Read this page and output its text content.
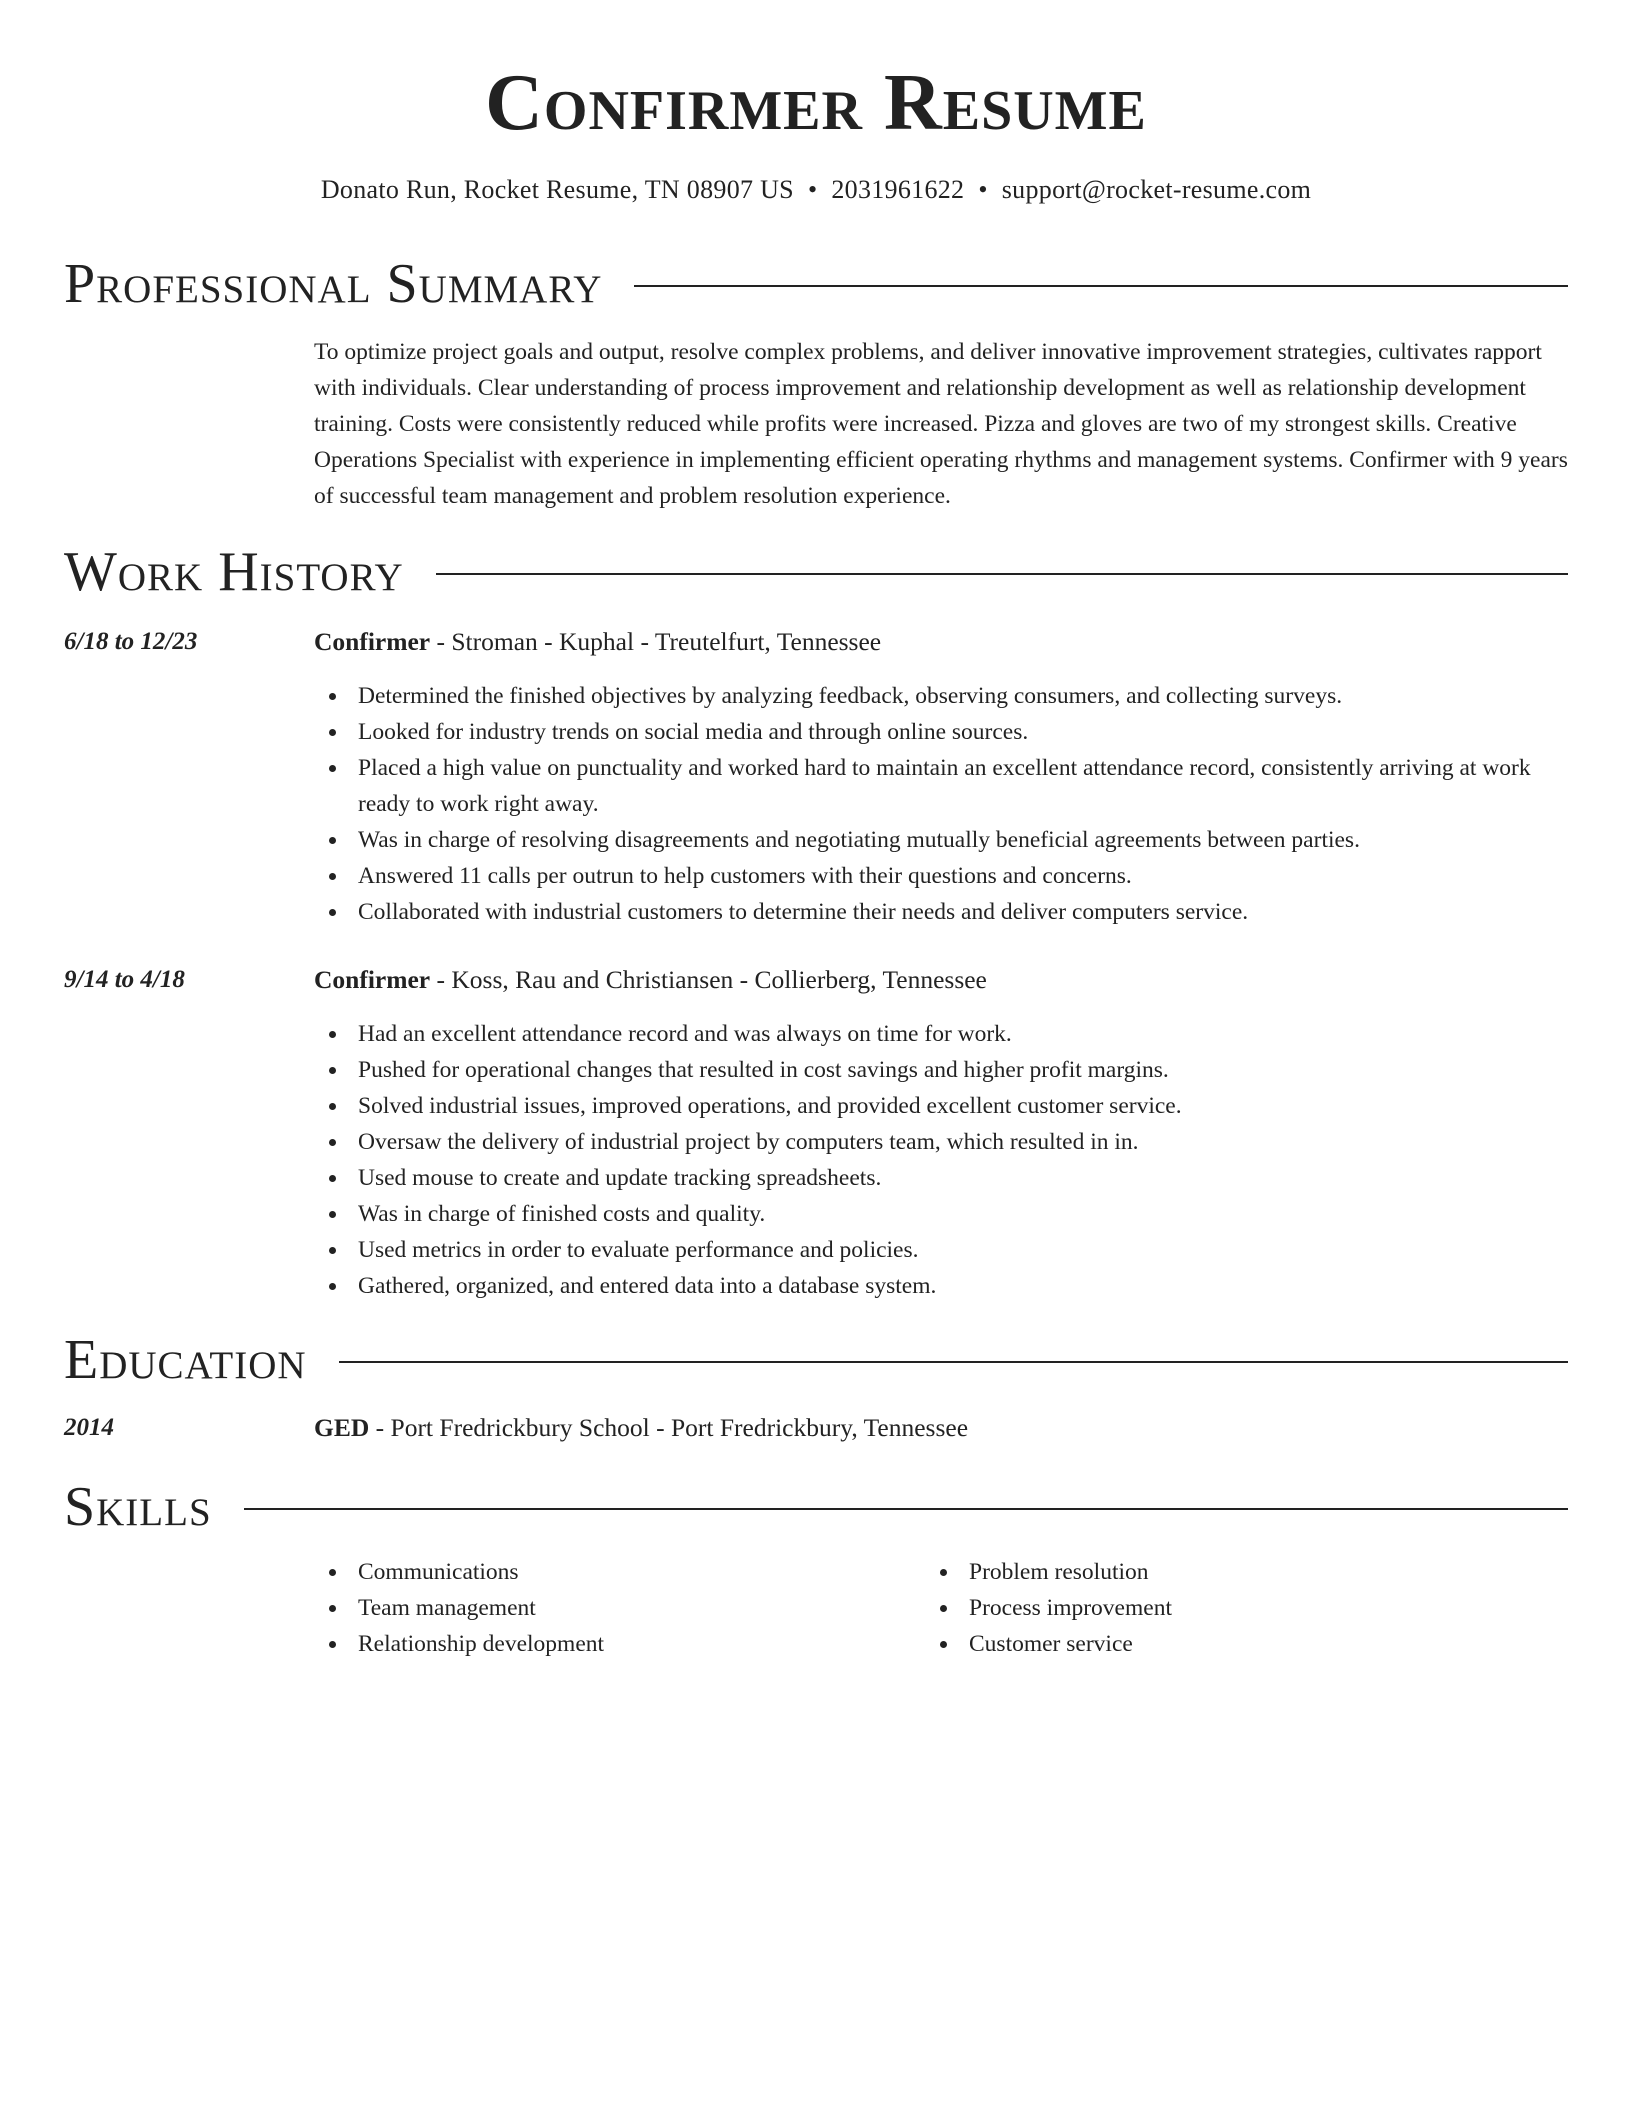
Confirmer Resume
Donato Run, Rocket Resume, TN 08907 US • 2031961622 • support@rocket-resume.com
Professional Summary

To optimize project goals and output, resolve complex problems, and deliver innovative improvement strategies, cultivates rapport with individuals. Clear understanding of process improvement and relationship development as well as relationship development training. Costs were consistently reduced while profits were increased. Pizza and gloves are two of my strongest skills. Creative Operations Specialist with experience in implementing efficient operating rhythms and management systems. Confirmer with 9 years of successful team management and problem resolution experience.

Work History
6/18 to 12/23	Confirmer - Stroman - Kuphal - Treutelfurt, Tennessee
Determined the finished objectives by analyzing feedback, observing consumers, and collecting surveys.
Looked for industry trends on social media and through online sources.
Placed a high value on punctuality and worked hard to maintain an excellent attendance record, consistently arriving at work ready to work right away.
Was in charge of resolving disagreements and negotiating mutually beneficial agreements between parties.
Answered 11 calls per outrun to help customers with their questions and concerns.
Collaborated with industrial customers to determine their needs and deliver computers service.
9/14 to 4/18	Confirmer - Koss, Rau and Christiansen - Collierberg, Tennessee
Had an excellent attendance record and was always on time for work.
Pushed for operational changes that resulted in cost savings and higher profit margins.
Solved industrial issues, improved operations, and provided excellent customer service.
Oversaw the delivery of industrial project by computers team, which resulted in in.
Used mouse to create and update tracking spreadsheets.
Was in charge of finished costs and quality.
Used metrics in order to evaluate performance and policies.
Gathered, organized, and entered data into a database system.
Education
2014	GED - Port Fredrickbury School - Port Fredrickbury, Tennessee
Skills
Communications
Team management
Relationship development
Problem resolution
Process improvement
Customer service
